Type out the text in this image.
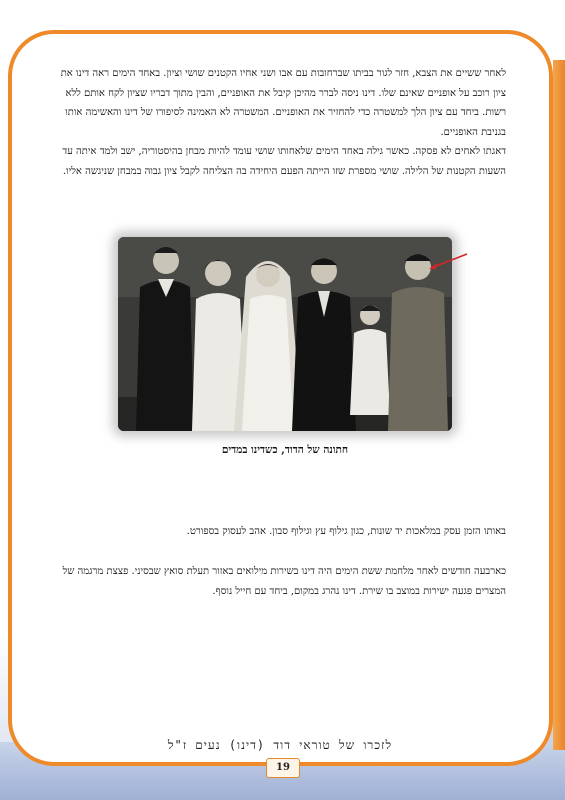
לאחר ששיים את הצבא, חזר לגור בביתו שברחובות עם אבו ושני אחיו הקטנים שושי וציון. באחד הימים ראה דינו את ציון רוכב על אופניים שאינם שלו. דינו ניסה לברר מהיכן קיבל את האופניים, והבין מתוך דבריו שציון לקח אותם ללא רשות. ביחד עם ציון הלך למשטרה כדי להחזיר את האופניים. המשטרה לא האמינה לסיפורו של דינו והאשימה אותו בגניבת האופניים.

דאגתו לאחים לא פסקה. כאשר גילה באחד הימים שלאחותו שושי עומד להיות מבחן בהיסטוריה, ישב ולמד איתה עד השעות הקטנות של הלילה. שושי מספרת שזו הייתה הפעם היחידה בה הצליחה לקבל ציון גבוה במבחן שניגשה אליו.

חתונה של הדוד, כשדינו במדים

באותו הזמן עסק במלאכות יד שונות, כגון גילוף עץ וגילוף סבון. אהב לעסוק בספורט.

כארבעה חודשים לאחר מלחמת ששת הימים היה דינו בשירות מילואים באזור תעלת סואץ שבסיני. פצצת מרגמה של המצרים פגעה ישירות במוצב בו שירת. דינו נהרג במקום, ביחד עם חייל נוסף.

לזכרו של טוראי דוד (דינו) נעים ז"ל
19
